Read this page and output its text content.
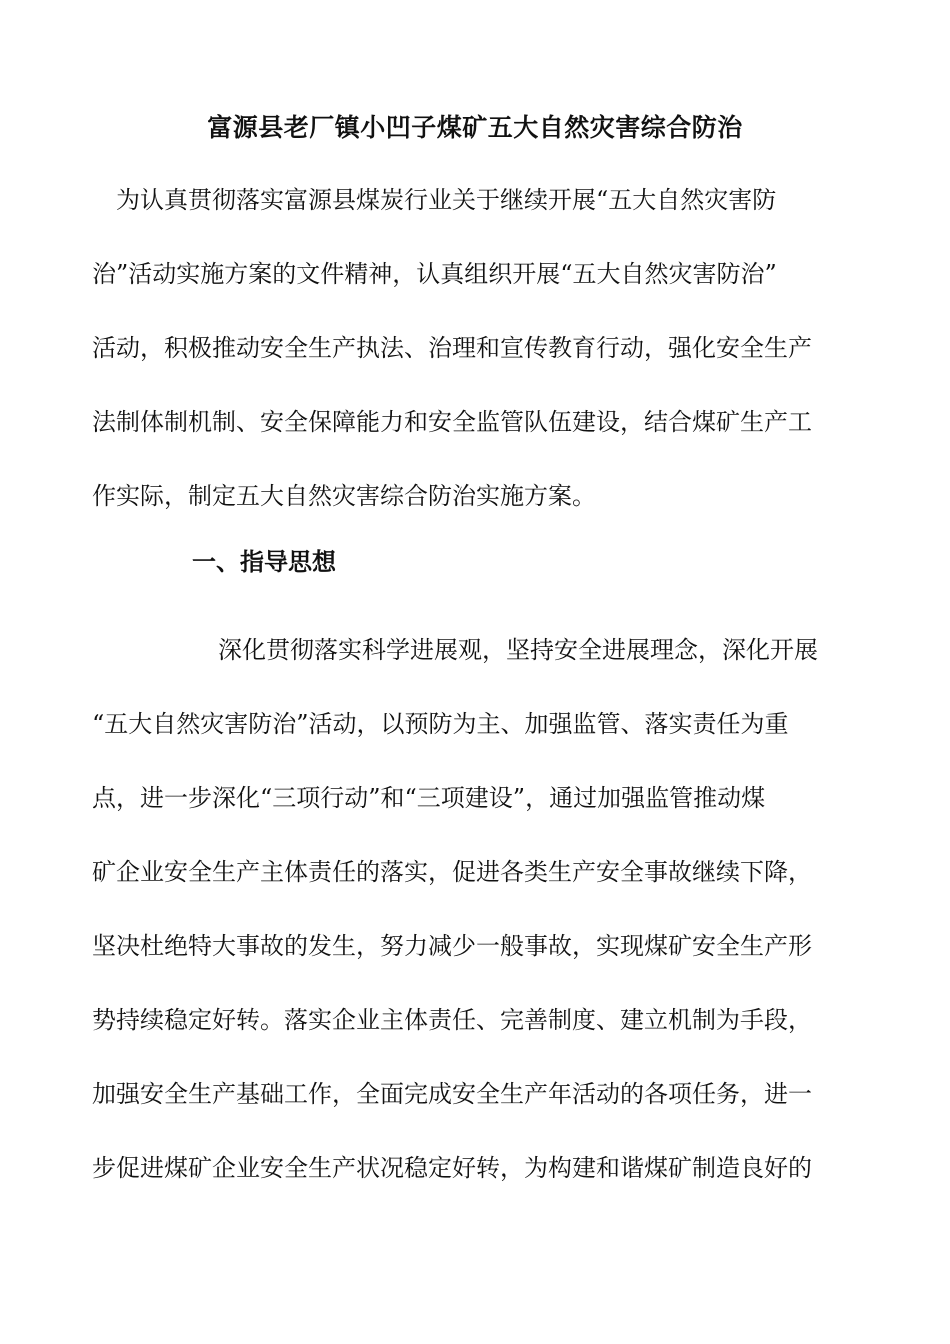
富源县老厂镇小凹子煤矿五大自然灾害综合防治
为认真贯彻落实富源县煤炭行业关于继续开展“五大自然灾害防
治”活动实施方案的文件精神，认真组织开展“五大自然灾害防治”
活动，积极推动安全生产执法、治理和宣传教育行动，强化安全生产
法制体制机制、安全保障能力和安全监管队伍建设，结合煤矿生产工
作实际，制定五大自然灾害综合防治实施方案。
一、指导思想
深化贯彻落实科学进展观，坚持安全进展理念，深化开展
“五大自然灾害防治”活动，以预防为主、加强监管、落实责任为重
点，进一步深化“三项行动”和“三项建设”，通过加强监管推动煤
矿企业安全生产主体责任的落实，促进各类生产安全事故继续下降，
坚决杜绝特大事故的发生，努力减少一般事故，实现煤矿安全生产形
势持续稳定好转。落实企业主体责任、完善制度、建立机制为手段，
加强安全生产基础工作，全面完成安全生产年活动的各项任务，进一
步促进煤矿企业安全生产状况稳定好转，为构建和谐煤矿制造良好的
